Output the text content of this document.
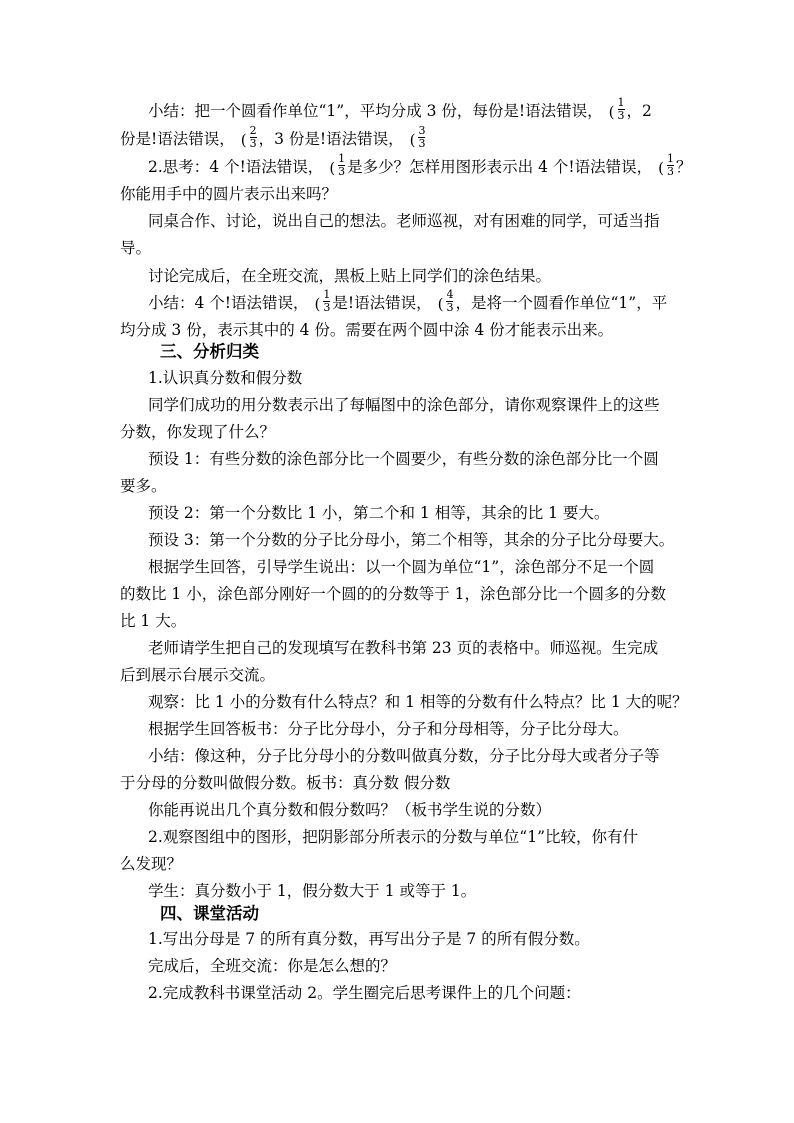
小结：把一个圆看作单位“1”，平均分成 3 份，每份是!语法错误， ( $\frac{1}{3}$ ，2
份是!语法错误， ( $\frac{2}{3}$ ，3 份是!语法错误， ( $\frac{3}{3}$
2.思考：4 个!语法错误， ( $\frac{1}{3}$ 是多少？怎样用图形表示出 4 个!语法错误， ( $\frac{1}{3}$ ？
你能用手中的圆片表示出来吗？
同桌合作、讨论，说出自己的想法。老师巡视，对有困难的同学，可适当指
导。
讨论完成后，在全班交流，黑板上贴上同学们的涂色结果。
小结：4 个!语法错误， ( $\frac{1}{3}$ 是!语法错误， ( $\frac{4}{3}$ ，是将一个圆看作单位“1”，平
均分成 3 份，表示其中的 4 份。需要在两个圆中涂 4 份才能表示出来。
三、分析归类
1.认识真分数和假分数
同学们成功的用分数表示出了每幅图中的涂色部分，请你观察课件上的这些
分数，你发现了什么？
预设 1：有些分数的涂色部分比一个圆要少，有些分数的涂色部分比一个圆
要多。
预设 2：第一个分数比 1 小，第二个和 1 相等，其余的比 1 要大。
预设 3：第一个分数的分子比分母小，第二个相等，其余的分子比分母要大。
根据学生回答，引导学生说出：以一个圆为单位“1”，涂色部分不足一个圆
的数比 1 小，涂色部分刚好一个圆的的分数等于 1，涂色部分比一个圆多的分数
比 1 大。
老师请学生把自己的发现填写在教科书第 23 页的表格中。师巡视。生完成
后到展示台展示交流。
观察：比 1 小的分数有什么特点？和 1 相等的分数有什么特点？比 1 大的呢？
根据学生回答板书：分子比分母小，分子和分母相等，分子比分母大。
小结：像这种，分子比分母小的分数叫做真分数，分子比分母大或者分子等
于分母的分数叫做假分数。板书：真分数 假分数
你能再说出几个真分数和假分数吗？（板书学生说的分数）
2.观察图组中的图形，把阴影部分所表示的分数与单位“1”比较，你有什
么发现？
学生：真分数小于 1，假分数大于 1 或等于 1。
四、课堂活动
1.写出分母是 7 的所有真分数，再写出分子是 7 的所有假分数。
完成后，全班交流：你是怎么想的？
2.完成教科书课堂活动 2。学生圈完后思考课件上的几个问题：
